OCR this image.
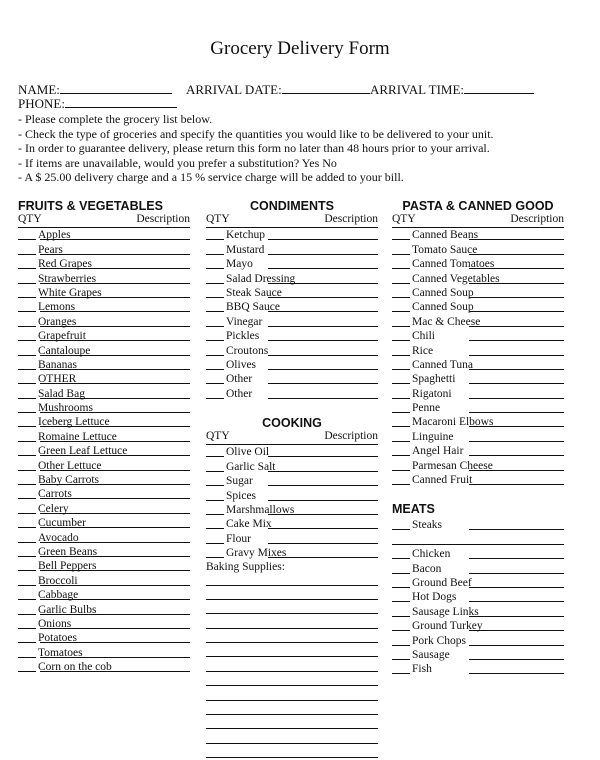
Grocery Delivery Form
NAME:	ARRIVAL DATE:	ARRIVAL TIME:
PHONE:
- Please complete the grocery list below.
- Check the type of groceries and specify the quantities you would like to be delivered to your unit.
- In order to guarantee delivery, please return this form no later than 48 hours prior to your arrival.
- If items are unavailable, would you prefer a substitution? Yes No
- A $ 25.00 delivery charge and a 15 % service charge will be added to your bill.
FRUITS & VEGETABLES
QTY	Description
Apples
Pears
Red Grapes
Strawberries
White Grapes
Lemons
Oranges
Grapefruit
Cantaloupe
Bananas
OTHER
Salad Bag
Mushrooms
Iceberg Lettuce
Romaine Lettuce
Green Leaf Lettuce
Other Lettuce
Baby Carrots
Carrots
Celery
Cucumber
Avocado
Green Beans
Bell Peppers
Broccoli
Cabbage
Garlic Bulbs
Onions
Potatoes
Tomatoes
Corn on the cob
CONDIMENTS
QTY	Description
Ketchup
Mustard
Mayo
Salad Dressing
Steak Sauce
BBQ Sauce
Vinegar
Pickles
Croutons
Olives
Other
Other
COOKING
QTY	Description
Olive Oil
Garlic Salt
Sugar
Spices
Marshmallows
Cake Mix
Flour
Gravy Mixes
Baking Supplies:
PASTA & CANNED GOOD
QTY	Description
Canned Beans
Tomato Sauce
Canned Tomatoes
Canned Vegetables
Canned Soup
Canned Soup
Mac & Cheese
Chili
Rice
Canned Tuna
Spaghetti
Rigatoni
Penne
Macaroni Elbows
Linguine
Angel Hair
Parmesan Cheese
Canned Fruit
MEATS
Steaks
Chicken
Bacon
Ground Beef
Hot Dogs
Sausage Links
Ground Turkey
Pork Chops
Sausage
Fish
